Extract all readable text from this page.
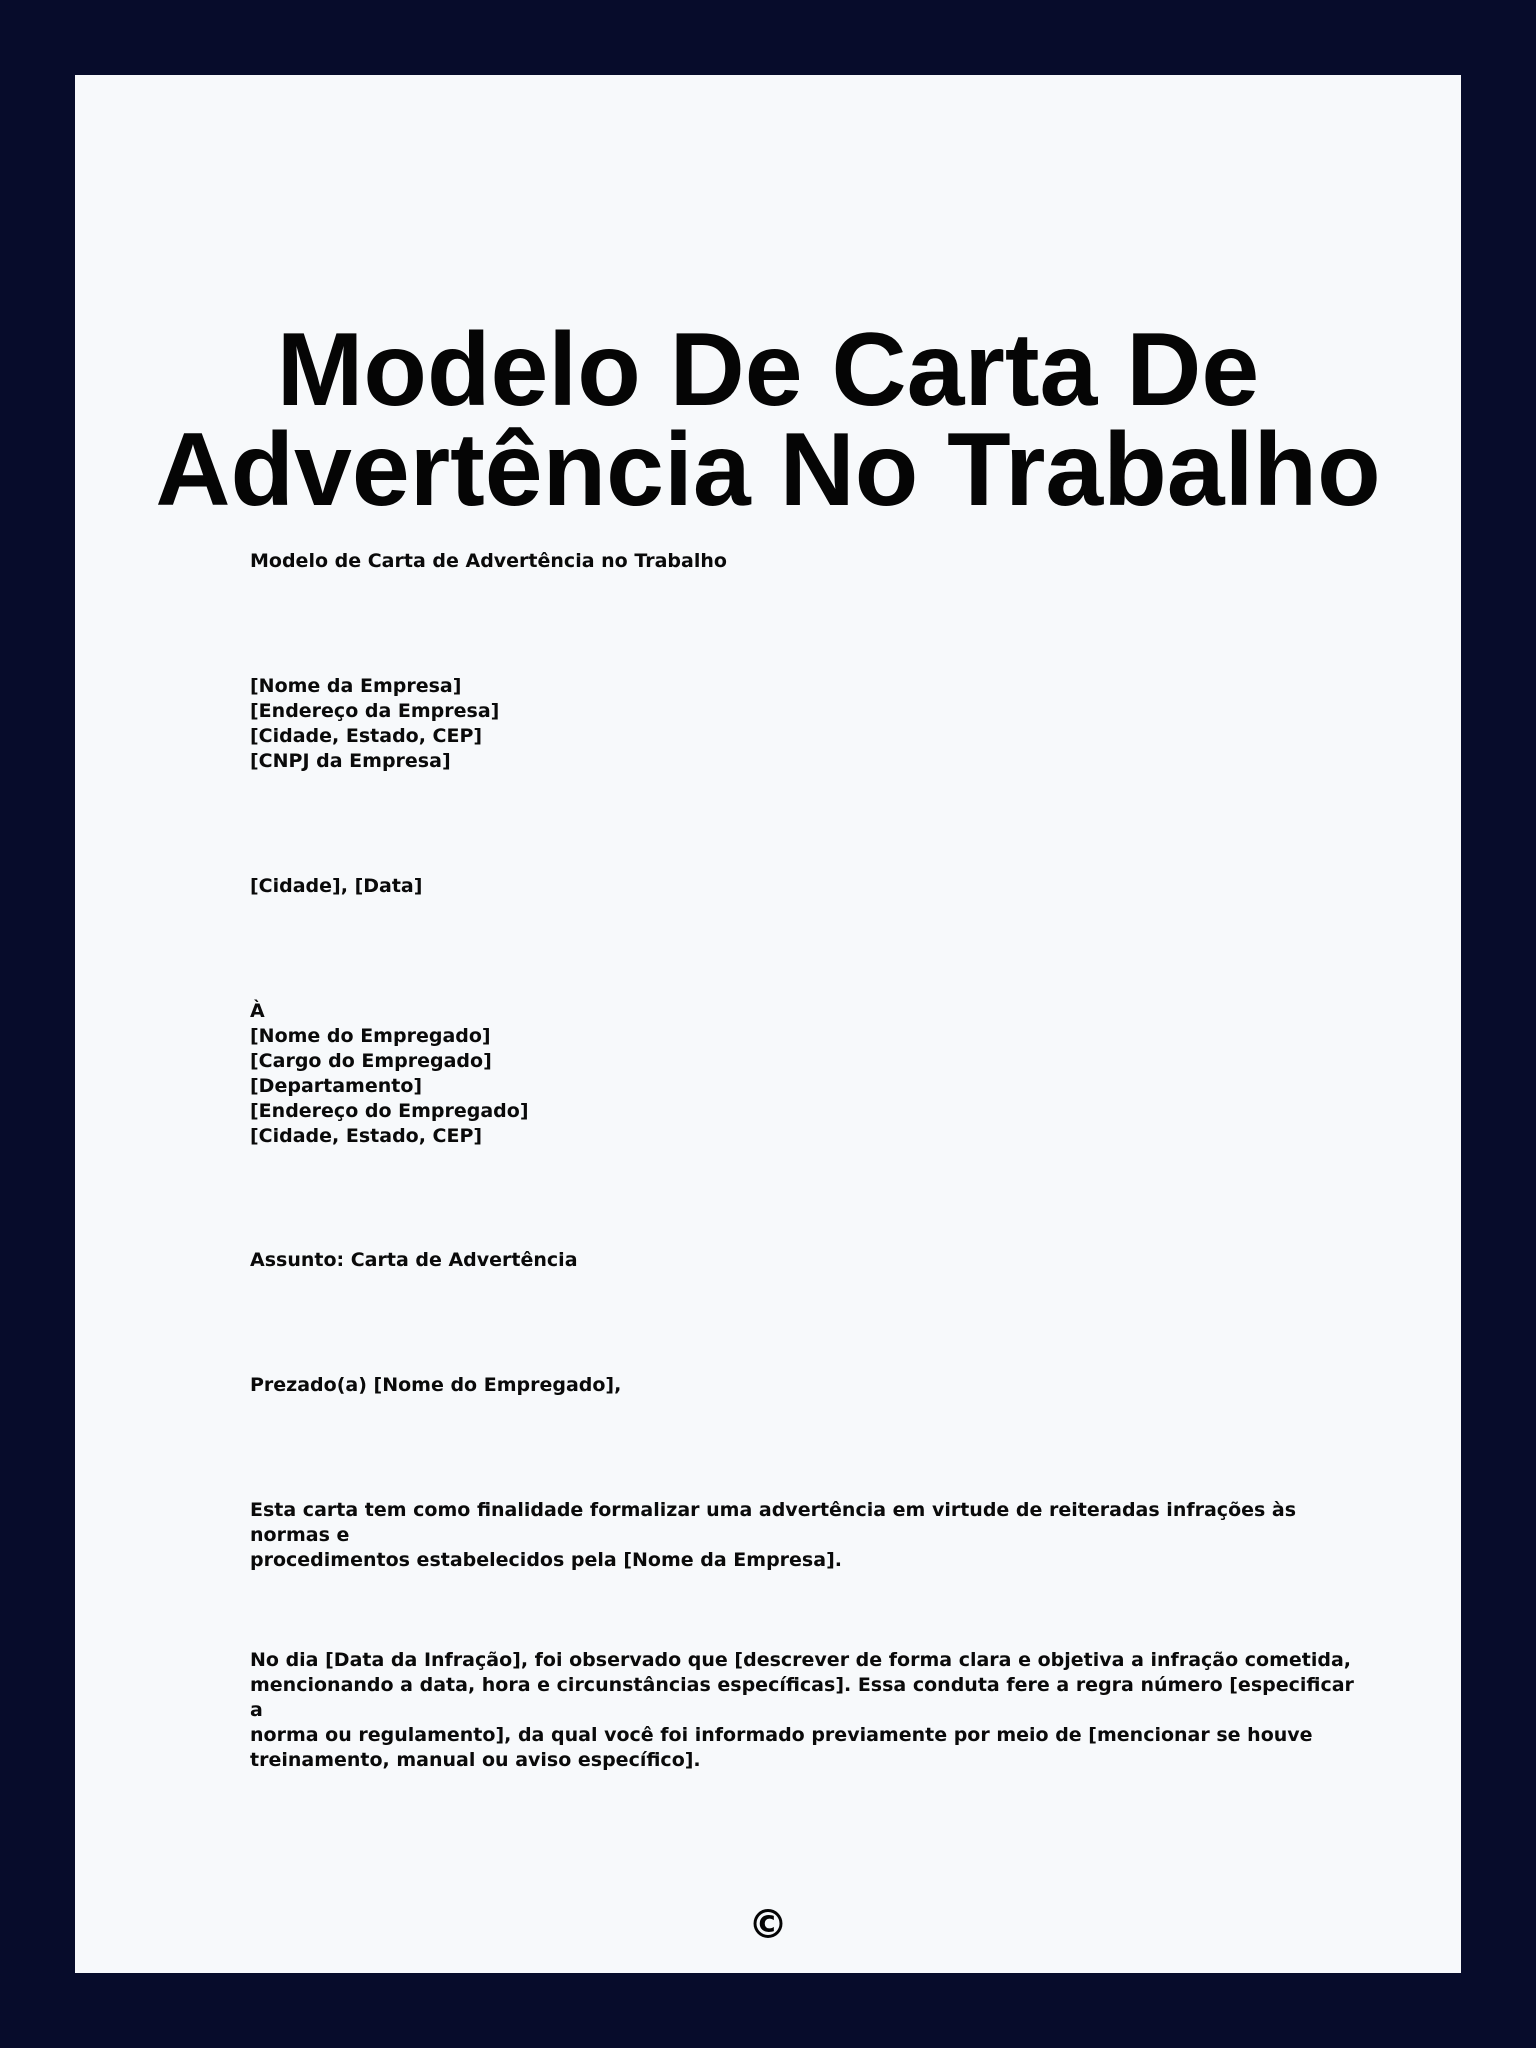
Modelo De Carta De
Advertência No Trabalho

Modelo de Carta de Advertência no Trabalho

[Nome da Empresa]
[Endereço da Empresa]
[Cidade, Estado, CEP]
[CNPJ da Empresa]

[Cidade], [Data]

À
[Nome do Empregado]
[Cargo do Empregado]
[Departamento]
[Endereço do Empregado]
[Cidade, Estado, CEP]

Assunto: Carta de Advertência

Prezado(a) [Nome do Empregado],

Esta carta tem como finalidade formalizar uma advertência em virtude de reiteradas infrações às normas e
procedimentos estabelecidos pela [Nome da Empresa].

No dia [Data da Infração], foi observado que [descrever de forma clara e objetiva a infração cometida,
mencionando a data, hora e circunstâncias específicas]. Essa conduta fere a regra número [especificar a
norma ou regulamento], da qual você foi informado previamente por meio de [mencionar se houve
treinamento, manual ou aviso específico].

©
